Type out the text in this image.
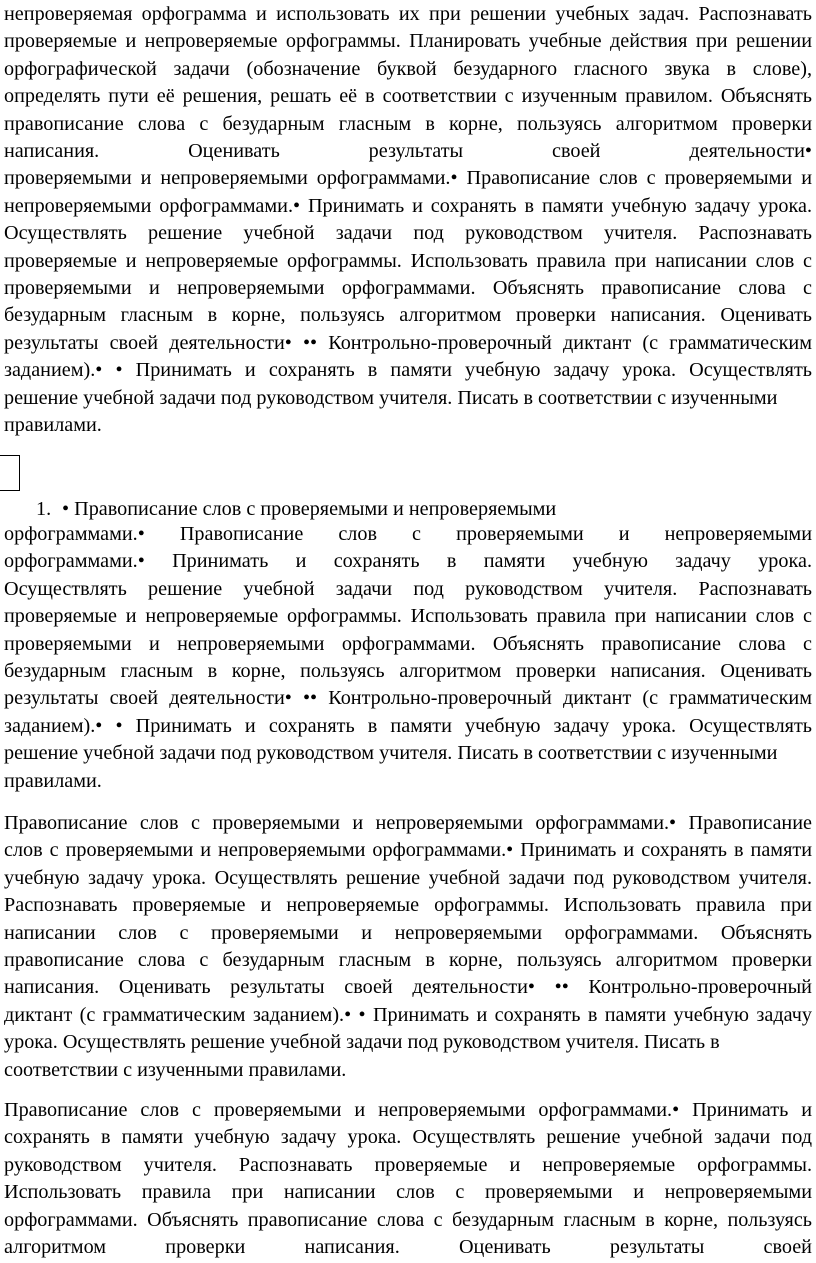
непроверяемая орфограмма и использовать их при решении учебных задач. Распознавать
проверяемые и непроверяемые орфограммы. Планировать учебные действия при решении
орфографической задачи (обозначение буквой безударного гласного звука в слове),
определять пути её решения, решать её в соответствии с изученным правилом. Объяснять
правописание слова с безударным гласным в корне, пользуясь алгоритмом проверки
написания. Оценивать результаты своей деятельности•
проверяемыми и непроверяемыми орфограммами.• Правописание слов с проверяемыми и
непроверяемыми орфограммами.• Принимать и сохранять в памяти учебную задачу урока.
Осуществлять решение учебной задачи под руководством учителя. Распознавать
проверяемые и непроверяемые орфограммы. Использовать правила при написании слов с
проверяемыми и непроверяемыми орфограммами. Объяснять правописание слова с
безударным гласным в корне, пользуясь алгоритмом проверки написания. Оценивать
результаты своей деятельности• •• Контрольно-проверочный диктант (с грамматическим
заданием).• • Принимать и сохранять в памяти учебную задачу урока. Осуществлять
решение учебной задачи под руководством учителя. Писать в соответствии с изученными
правилами.
1. • Правописание слов с проверяемыми и непроверяемыми
орфограммами.• Правописание слов с проверяемыми и непроверяемыми
орфограммами.• Принимать и сохранять в памяти учебную задачу урока.
Осуществлять решение учебной задачи под руководством учителя. Распознавать
проверяемые и непроверяемые орфограммы. Использовать правила при написании слов с
проверяемыми и непроверяемыми орфограммами. Объяснять правописание слова с
безударным гласным в корне, пользуясь алгоритмом проверки написания. Оценивать
результаты своей деятельности• •• Контрольно-проверочный диктант (с грамматическим
заданием).• • Принимать и сохранять в памяти учебную задачу урока. Осуществлять
решение учебной задачи под руководством учителя. Писать в соответствии с изученными
правилами.
Правописание слов с проверяемыми и непроверяемыми орфограммами.• Правописание
слов с проверяемыми и непроверяемыми орфограммами.• Принимать и сохранять в памяти
учебную задачу урока. Осуществлять решение учебной задачи под руководством учителя.
Распознавать проверяемые и непроверяемые орфограммы. Использовать правила при
написании слов с проверяемыми и непроверяемыми орфограммами. Объяснять
правописание слова с безударным гласным в корне, пользуясь алгоритмом проверки
написания. Оценивать результаты своей деятельности• •• Контрольно-проверочный
диктант (с грамматическим заданием).• • Принимать и сохранять в памяти учебную задачу
урока. Осуществлять решение учебной задачи под руководством учителя. Писать в
соответствии с изученными правилами.
Правописание слов с проверяемыми и непроверяемыми орфограммами.• Принимать и
сохранять в памяти учебную задачу урока. Осуществлять решение учебной задачи под
руководством учителя. Распознавать проверяемые и непроверяемые орфограммы.
Использовать правила при написании слов с проверяемыми и непроверяемыми
орфограммами. Объяснять правописание слова с безударным гласным в корне, пользуясь
алгоритмом проверки написания. Оценивать результаты своей
